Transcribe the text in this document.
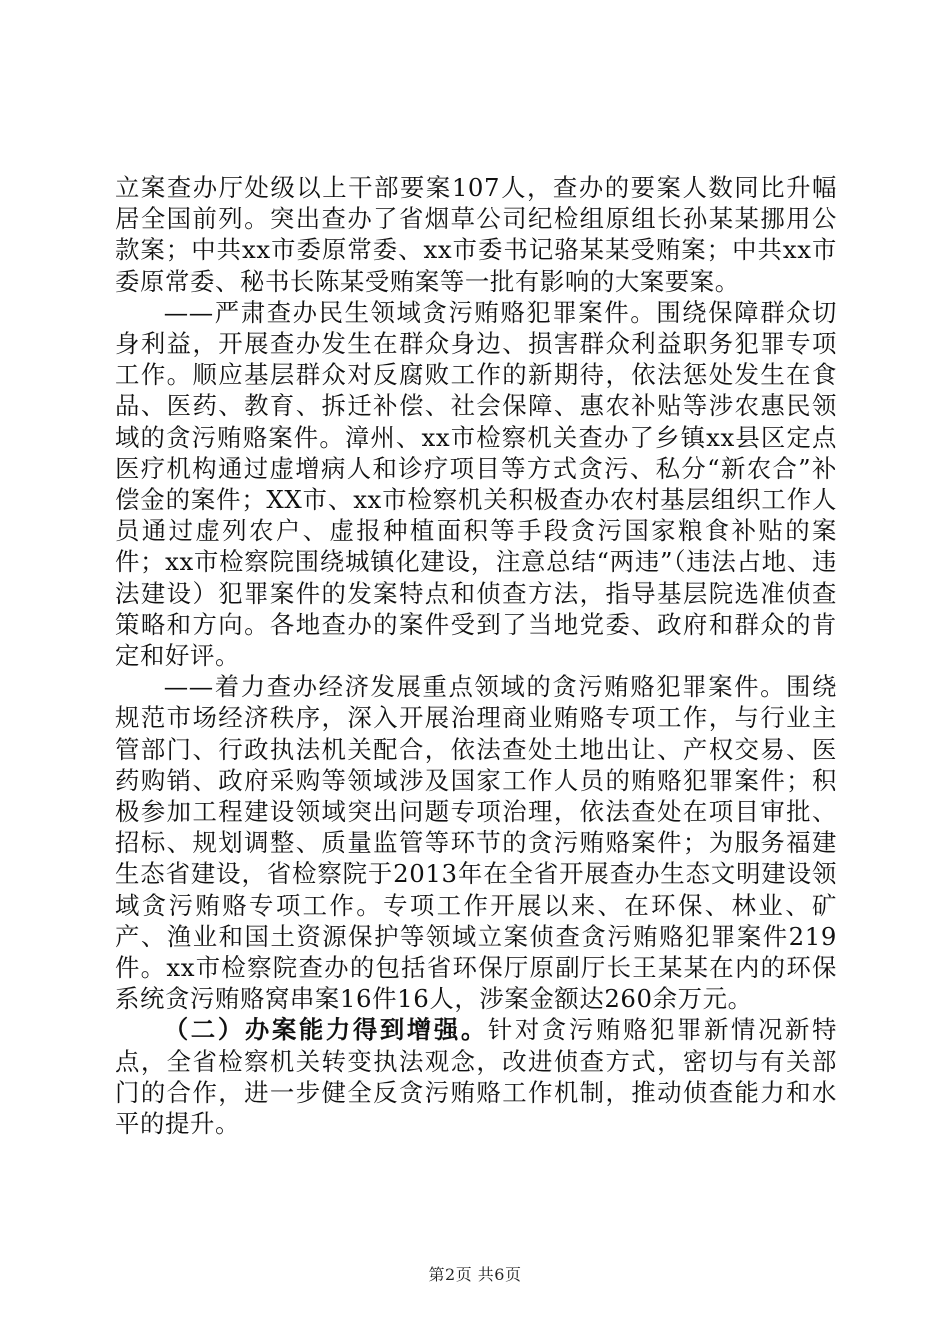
立案查办厅处级以上干部要案107人，查办的要案人数同比升幅居全国前列。突出查办了省烟草公司纪检组原组长孙某某挪用公款案；中共xx市委原常委、xx市委书记骆某某受贿案；中共xx市委原常委、秘书长陈某受贿案等一批有影响的大案要案。

——严肃查办民生领域贪污贿赂犯罪案件。围绕保障群众切身利益，开展查办发生在群众身边、损害群众利益职务犯罪专项工作。顺应基层群众对反腐败工作的新期待，依法惩处发生在食品、医药、教育、拆迁补偿、社会保障、惠农补贴等涉农惠民领域的贪污贿赂案件。漳州、xx市检察机关查办了乡镇xx县区定点医疗机构通过虚增病人和诊疗项目等方式贪污、私分“新农合”补偿金的案件；XX市、xx市检察机关积极查办农村基层组织工作人员通过虚列农户、虚报种植面积等手段贪污国家粮食补贴的案件；xx市检察院围绕城镇化建设，注意总结“两违”（违法占地、违法建设）犯罪案件的发案特点和侦查方法，指导基层院选准侦查策略和方向。各地查办的案件受到了当地党委、政府和群众的肯定和好评。

——着力查办经济发展重点领域的贪污贿赂犯罪案件。围绕规范市场经济秩序，深入开展治理商业贿赂专项工作，与行业主管部门、行政执法机关配合，依法查处土地出让、产权交易、医药购销、政府采购等领域涉及国家工作人员的贿赂犯罪案件；积极参加工程建设领域突出问题专项治理，依法查处在项目审批、招标、规划调整、质量监管等环节的贪污贿赂案件；为服务福建生态省建设，省检察院于2013年在全省开展查办生态文明建设领域贪污贿赂专项工作。专项工作开展以来、在环保、林业、矿产、渔业和国土资源保护等领域立案侦查贪污贿赂犯罪案件219件。xx市检察院查办的包括省环保厅原副厅长王某某在内的环保系统贪污贿赂窝串案16件16人，涉案金额达260余万元。

（二）办案能力得到增强。针对贪污贿赂犯罪新情况新特点，全省检察机关转变执法观念，改进侦查方式，密切与有关部门的合作，进一步健全反贪污贿赂工作机制，推动侦查能力和水平的提升。

第2页 共6页
